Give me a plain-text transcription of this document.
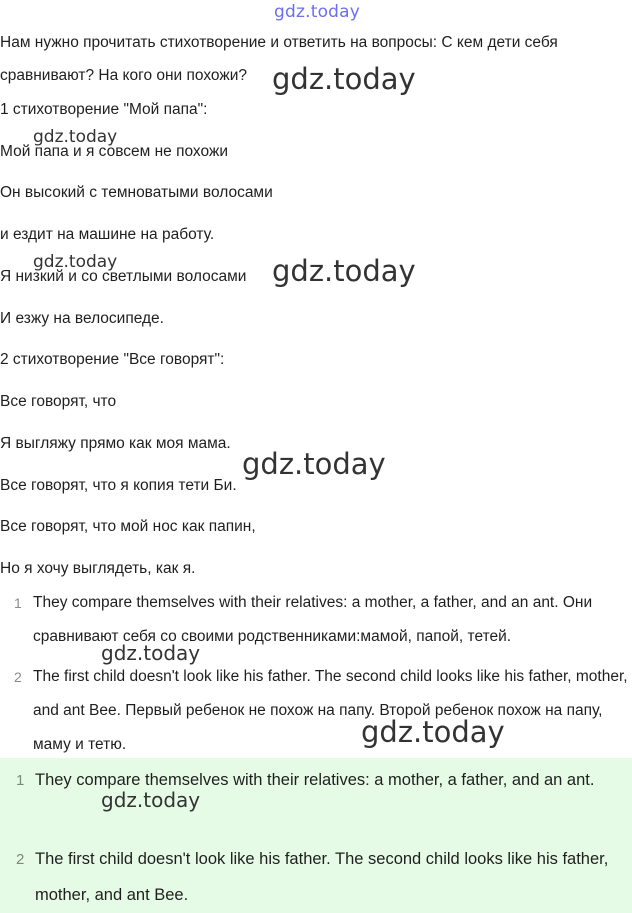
gdz.today
Нам нужно прочитать стихотворение и ответить на вопросы: С кем дети себя
сравнивают? На кого они похожи?
1 стихотворение "Мой папа":
Мой папа и я совсем не похожи
Он высокий с темноватыми волосами
и ездит на машине на работу.
Я низкий и со светлыми волосами
И езжу на велосипеде.
2 стихотворение "Все говорят":
Все говорят, что
Я выгляжу прямо как моя мама.
Все говорят, что я копия тети Би.
Все говорят, что мой нос как папин,
Но я хочу выглядеть, как я.
1 They compare themselves with their relatives: a mother, a father, and an ant. Они сравнивают себя со своими родственниками:мамой, папой, тетей.
2 The first child doesn't look like his father. The second child looks like his father, mother, and ant Bee. Первый ребенок не похож на папу. Второй ребенок похож на папу, маму и тетю.
1 They compare themselves with their relatives: a mother, a father, and an ant.
2 The first child doesn't look like his father. The second child looks like his father, mother, and ant Bee.
gdz.today
gdz.today
gdz.today
gdz.today
gdz.today
gdz.today
gdz.today
gdz.today
